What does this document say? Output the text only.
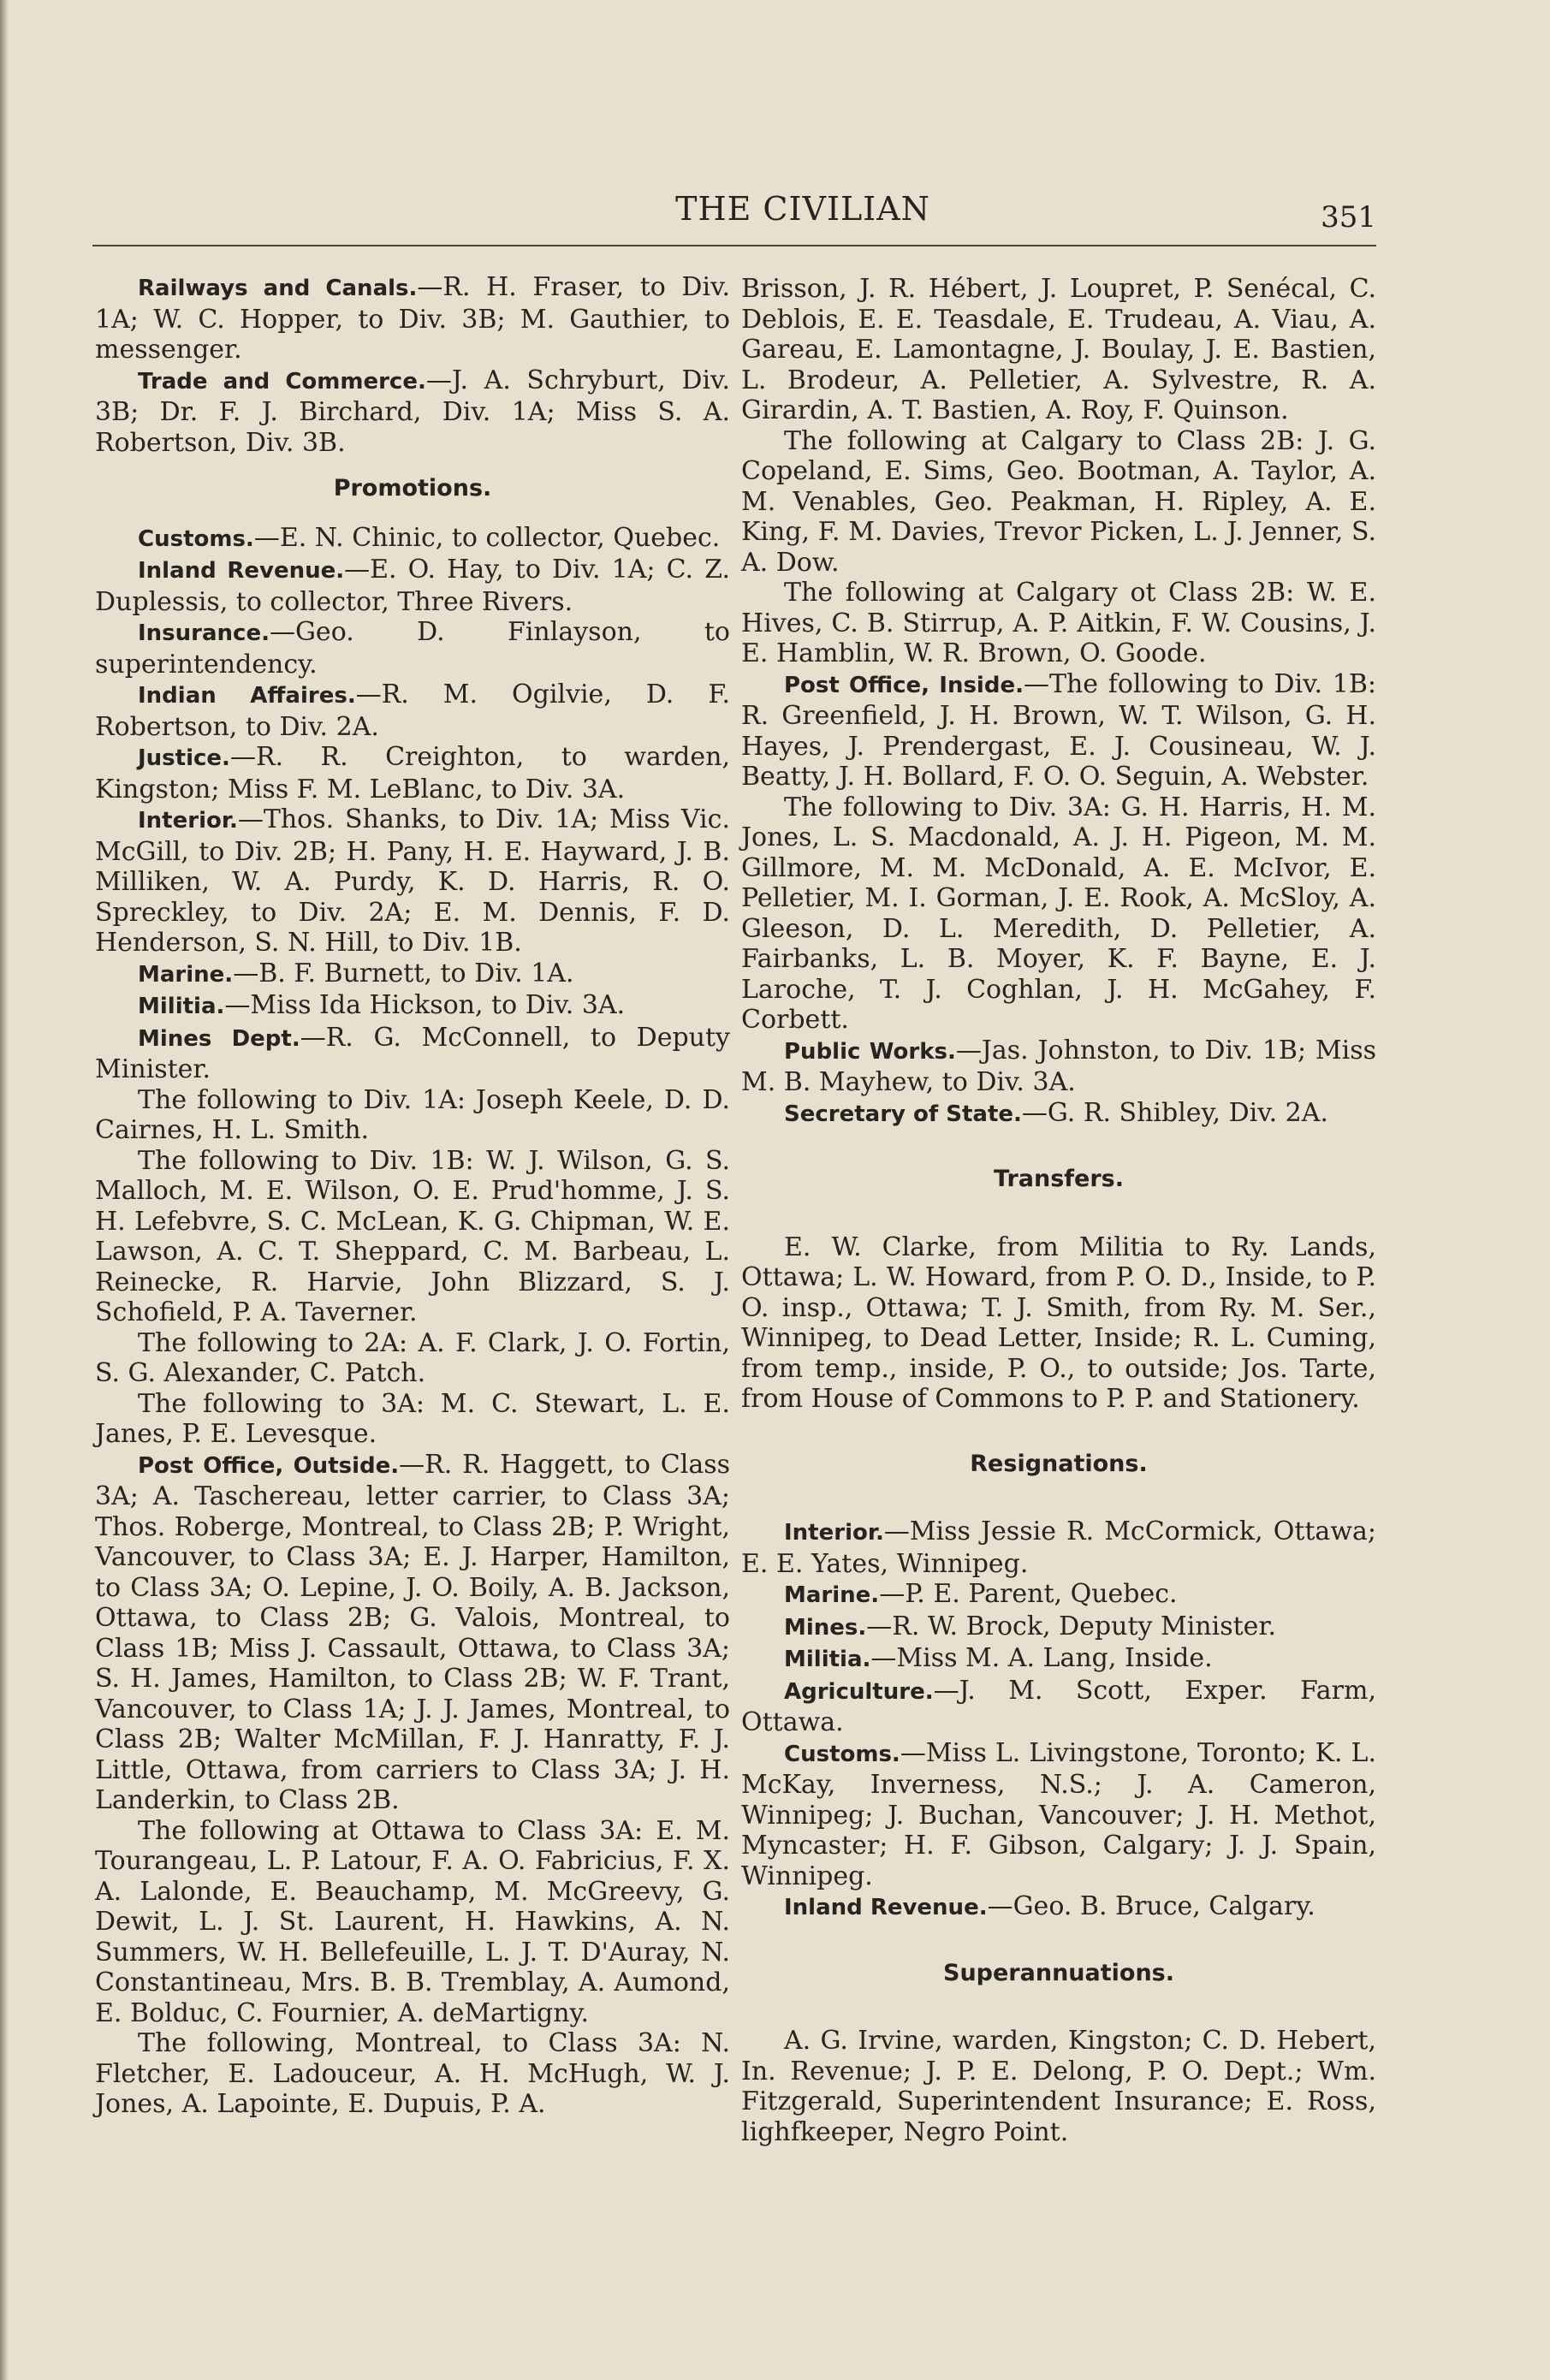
THE CIVILIAN	351

Railways and Canals.—R. H. Fraser, to Div. 1A; W. C. Hopper, to Div. 3B; M. Gauthier, to messenger.

Trade and Commerce.—J. A. Schryburt, Div. 3B; Dr. F. J. Birchard, Div. 1A; Miss S. A. Robertson, Div. 3B.

Promotions.

Customs.—E. N. Chinic, to collector, Quebec.

Inland Revenue.—E. O. Hay, to Div. 1A; C. Z. Duplessis, to collector, Three Rivers.

Insurance.—Geo. D. Finlayson, to superintendency.

Indian Affaires.—R. M. Ogilvie, D. F. Robertson, to Div. 2A.

Justice.—R. R. Creighton, to warden, Kingston; Miss F. M. LeBlanc, to Div. 3A.

Interior.—Thos. Shanks, to Div. 1A; Miss Vic. McGill, to Div. 2B; H. Pany, H. E. Hayward, J. B. Milliken, W. A. Purdy, K. D. Harris, R. O. Spreckley, to Div. 2A; E. M. Dennis, F. D. Henderson, S. N. Hill, to Div. 1B.

Marine.—B. F. Burnett, to Div. 1A.

Militia.—Miss Ida Hickson, to Div. 3A.

Mines Dept.—R. G. McConnell, to Deputy Minister.

The following to Div. 1A: Joseph Keele, D. D. Cairnes, H. L. Smith.

The following to Div. 1B: W. J. Wilson, G. S. Malloch, M. E. Wilson, O. E. Prud'homme, J. S. H. Lefebvre, S. C. McLean, K. G. Chipman, W. E. Lawson, A. C. T. Sheppard, C. M. Barbeau, L. Reinecke, R. Harvie, John Blizzard, S. J. Schofield, P. A. Taverner.

The following to 2A: A. F. Clark, J. O. Fortin, S. G. Alexander, C. Patch.

The following to 3A: M. C. Stewart, L. E. Janes, P. E. Levesque.

Post Office, Outside.—R. R. Haggett, to Class 3A; A. Taschereau, letter carrier, to Class 3A; Thos. Roberge, Montreal, to Class 2B; P. Wright, Vancouver, to Class 3A; E. J. Harper, Hamilton, to Class 3A; O. Lepine, J. O. Boily, A. B. Jackson, Ottawa, to Class 2B; G. Valois, Montreal, to Class 1B; Miss J. Cassault, Ottawa, to Class 3A; S. H. James, Hamilton, to Class 2B; W. F. Trant, Vancouver, to Class 1A; J. J. James, Montreal, to Class 2B; Walter McMillan, F. J. Hanratty, F. J. Little, Ottawa, from carriers to Class 3A; J. H. Landerkin, to Class 2B.

The following at Ottawa to Class 3A: E. M. Tourangeau, L. P. Latour, F. A. O. Fabricius, F. X. A. Lalonde, E. Beauchamp, M. McGreevy, G. Dewit, L. J. St. Laurent, H. Hawkins, A. N. Summers, W. H. Bellefeuille, L. J. T. D'Auray, N. Constantineau, Mrs. B. B. Tremblay, A. Aumond, E. Bolduc, C. Fournier, A. deMartigny.

The following, Montreal, to Class 3A: N. Fletcher, E. Ladouceur, A. H. McHugh, W. J. Jones, A. Lapointe, E. Dupuis, P. A.

Brisson, J. R. Hébert, J. Loupret, P. Senécal, C. Deblois, E. E. Teasdale, E. Trudeau, A. Viau, A. Gareau, E. Lamontagne, J. Boulay, J. E. Bastien, L. Brodeur, A. Pelletier, A. Sylvestre, R. A. Girardin, A. T. Bastien, A. Roy, F. Quinson.

The following at Calgary to Class 2B: J. G. Copeland, E. Sims, Geo. Bootman, A. Taylor, A. M. Venables, Geo. Peakman, H. Ripley, A. E. King, F. M. Davies, Trevor Picken, L. J. Jenner, S. A. Dow.

The following at Calgary ot Class 2B: W. E. Hives, C. B. Stirrup, A. P. Aitkin, F. W. Cousins, J. E. Hamblin, W. R. Brown, O. Goode.

Post Office, Inside.—The following to Div. 1B: R. Greenfield, J. H. Brown, W. T. Wilson, G. H. Hayes, J. Prendergast, E. J. Cousineau, W. J. Beatty, J. H. Bollard, F. O. O. Seguin, A. Webster.

The following to Div. 3A: G. H. Harris, H. M. Jones, L. S. Macdonald, A. J. H. Pigeon, M. M. Gillmore, M. M. McDonald, A. E. McIvor, E. Pelletier, M. I. Gorman, J. E. Rook, A. McSloy, A. Gleeson, D. L. Meredith, D. Pelletier, A. Fairbanks, L. B. Moyer, K. F. Bayne, E. J. Laroche, T. J. Coghlan, J. H. McGahey, F. Corbett.

Public Works.—Jas. Johnston, to Div. 1B; Miss M. B. Mayhew, to Div. 3A.

Secretary of State.—G. R. Shibley, Div. 2A.

Transfers.

E. W. Clarke, from Militia to Ry. Lands, Ottawa; L. W. Howard, from P. O. D., Inside, to P. O. insp., Ottawa; T. J. Smith, from Ry. M. Ser., Winnipeg, to Dead Letter, Inside; R. L. Cuming, from temp., inside, P. O., to outside; Jos. Tarte, from House of Commons to P. P. and Stationery.

Resignations.

Interior.—Miss Jessie R. McCormick, Ottawa; E. E. Yates, Winnipeg.

Marine.—P. E. Parent, Quebec.

Mines.—R. W. Brock, Deputy Minister.

Militia.—Miss M. A. Lang, Inside.

Agriculture.—J. M. Scott, Exper. Farm, Ottawa.

Customs.—Miss L. Livingstone, Toronto; K. L. McKay, Inverness, N.S.; J. A. Cameron, Winnipeg; J. Buchan, Vancouver; J. H. Methot, Myncaster; H. F. Gibson, Calgary; J. J. Spain, Winnipeg.

Inland Revenue.—Geo. B. Bruce, Calgary.

Superannuations.

A. G. Irvine, warden, Kingston; C. D. Hebert, In. Revenue; J. P. E. Delong, P. O. Dept.; Wm. Fitzgerald, Superintendent Insurance; E. Ross, lighfkeeper, Negro Point.
